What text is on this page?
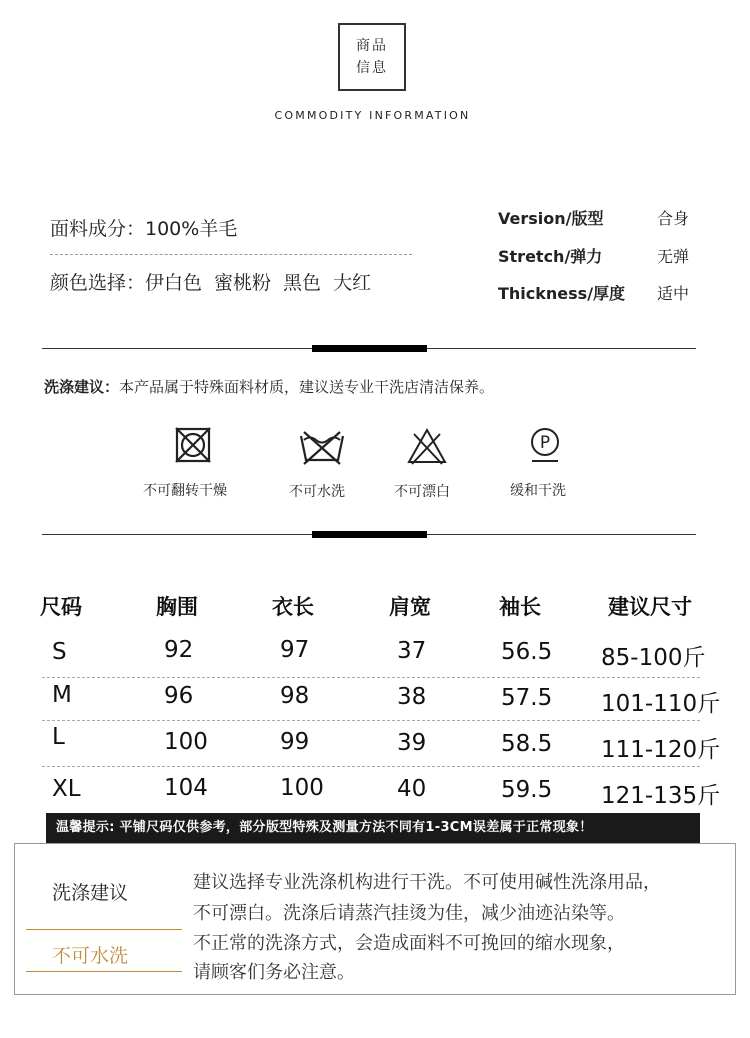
商品
信息
COMMODITY INFORMATION
面料成分：100%羊毛
颜色选择：伊白色 蜜桃粉 黑色 大红
Version/版型	合身
Stretch/弹力	无弹
Thickness/厚度 适中
洗涤建议：本产品属于特殊面料材质，建议送专业干洗店清洁保养。
不可翻转干燥	不可水洗	不可漂白
P
缓和干洗
尺码	胸围	衣长	肩宽	袖长	建议尺寸
S	92	97	37	56.5 85-100斤
M	96	98	38	57.5 101-110斤
L	100	99	39	58.5 111-120斤
XL	104	100	40	59.5 121-135斤
温馨提示: 平铺尺码仅供参考，部分版型特殊及测量方法不同有1-3CM误差属于正常现象！
洗涤建议
不可水洗
建议选择专业洗涤机构进行干洗。不可使用碱性洗涤用品，
不可漂白。洗涤后请蒸汽挂烫为佳，减少油迹沾染等。
不正常的洗涤方式，会造成面料不可挽回的缩水现象，
请顾客们务必注意。
